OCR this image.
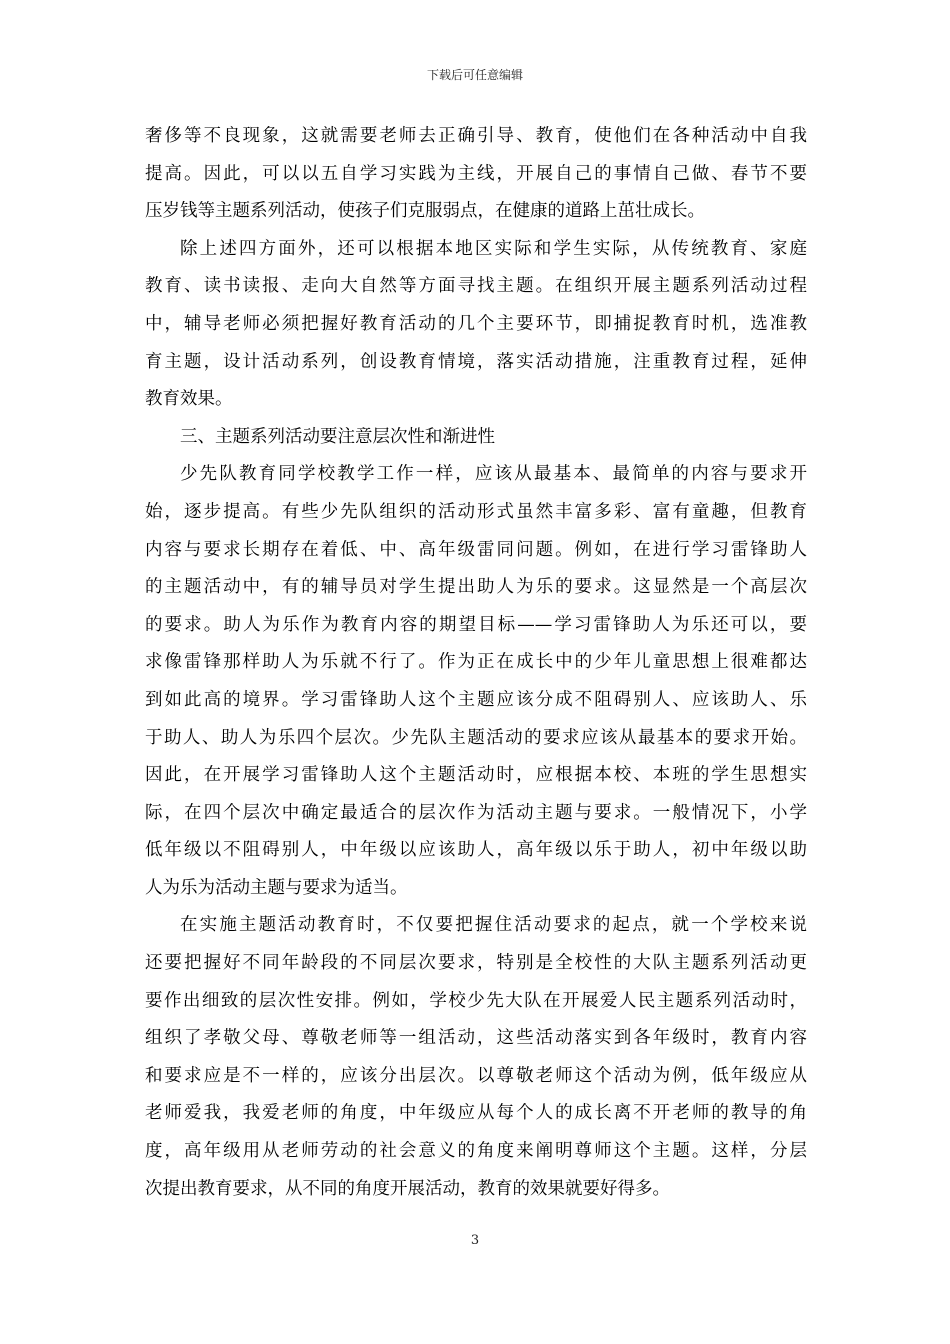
下载后可任意编辑
奢侈等不良现象，这就需要老师去正确引导、教育，使他们在各种活动中自我
提高。因此，可以以五自学习实践为主线，开展自己的事情自己做、春节不要
压岁钱等主题系列活动，使孩子们克服弱点，在健康的道路上茁壮成长。
除上述四方面外，还可以根据本地区实际和学生实际，从传统教育、家庭
教育、读书读报、走向大自然等方面寻找主题。在组织开展主题系列活动过程
中，辅导老师必须把握好教育活动的几个主要环节，即捕捉教育时机，选准教
育主题，设计活动系列，创设教育情境，落实活动措施，注重教育过程，延伸
教育效果。
三、主题系列活动要注意层次性和渐进性
少先队教育同学校教学工作一样，应该从最基本、最简单的内容与要求开
始，逐步提高。有些少先队组织的活动形式虽然丰富多彩、富有童趣，但教育
内容与要求长期存在着低、中、高年级雷同问题。例如，在进行学习雷锋助人
的主题活动中，有的辅导员对学生提出助人为乐的要求。这显然是一个高层次
的要求。助人为乐作为教育内容的期望目标——学习雷锋助人为乐还可以，要
求像雷锋那样助人为乐就不行了。作为正在成长中的少年儿童思想上很难都达
到如此高的境界。学习雷锋助人这个主题应该分成不阻碍别人、应该助人、乐
于助人、助人为乐四个层次。少先队主题活动的要求应该从最基本的要求开始。
因此，在开展学习雷锋助人这个主题活动时，应根据本校、本班的学生思想实
际，在四个层次中确定最适合的层次作为活动主题与要求。一般情况下，小学
低年级以不阻碍别人，中年级以应该助人，高年级以乐于助人，初中年级以助
人为乐为活动主题与要求为适当。
在实施主题活动教育时，不仅要把握住活动要求的起点，就一个学校来说
还要把握好不同年龄段的不同层次要求，特别是全校性的大队主题系列活动更
要作出细致的层次性安排。例如，学校少先大队在开展爱人民主题系列活动时，
组织了孝敬父母、尊敬老师等一组活动，这些活动落实到各年级时，教育内容
和要求应是不一样的，应该分出层次。以尊敬老师这个活动为例，低年级应从
老师爱我，我爱老师的角度，中年级应从每个人的成长离不开老师的教导的角
度，高年级用从老师劳动的社会意义的角度来阐明尊师这个主题。这样，分层
次提出教育要求，从不同的角度开展活动，教育的效果就要好得多。
3
